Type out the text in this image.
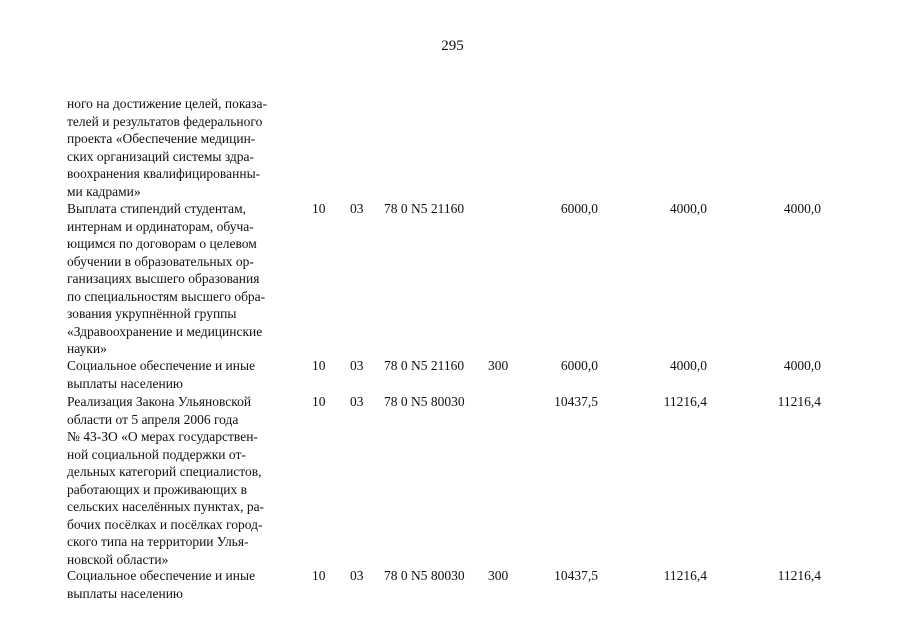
295
ного на достижение целей, показа-
телей и результатов федерального
проекта «Обеспечение медицин-
ских организаций системы здра-
воохранения квалифицированны-
ми кадрами»
Выплата стипендий студентам,
интернам и ординаторам, обуча-
ющимся по договорам о целевом
обучении в образовательных ор-
ганизациях высшего образования
по специальностям высшего обра-
зования укрупнённой группы
«Здравоохранение и медицинские
науки»
10 03 78 0 N5 21160	6000,0	4000,0	4000,0
Социальное обеспечение и иные
выплаты населению
10 03 78 0 N5 21160 300	6000,0	4000,0	4000,0
Реализация Закона Ульяновской
области от 5 апреля 2006 года
№ 43-ЗО «О мерах государствен-
ной социальной поддержки от-
дельных категорий специалистов,
работающих и проживающих в
сельских населённых пунктах, ра-
бочих посёлках и посёлках город-
ского типа на территории Улья-
новской области»
10 03 78 0 N5 80030	10437,5	11216,4	11216,4
Социальное обеспечение и иные
выплаты населению
10 03 78 0 N5 80030 300	10437,5	11216,4	11216,4
